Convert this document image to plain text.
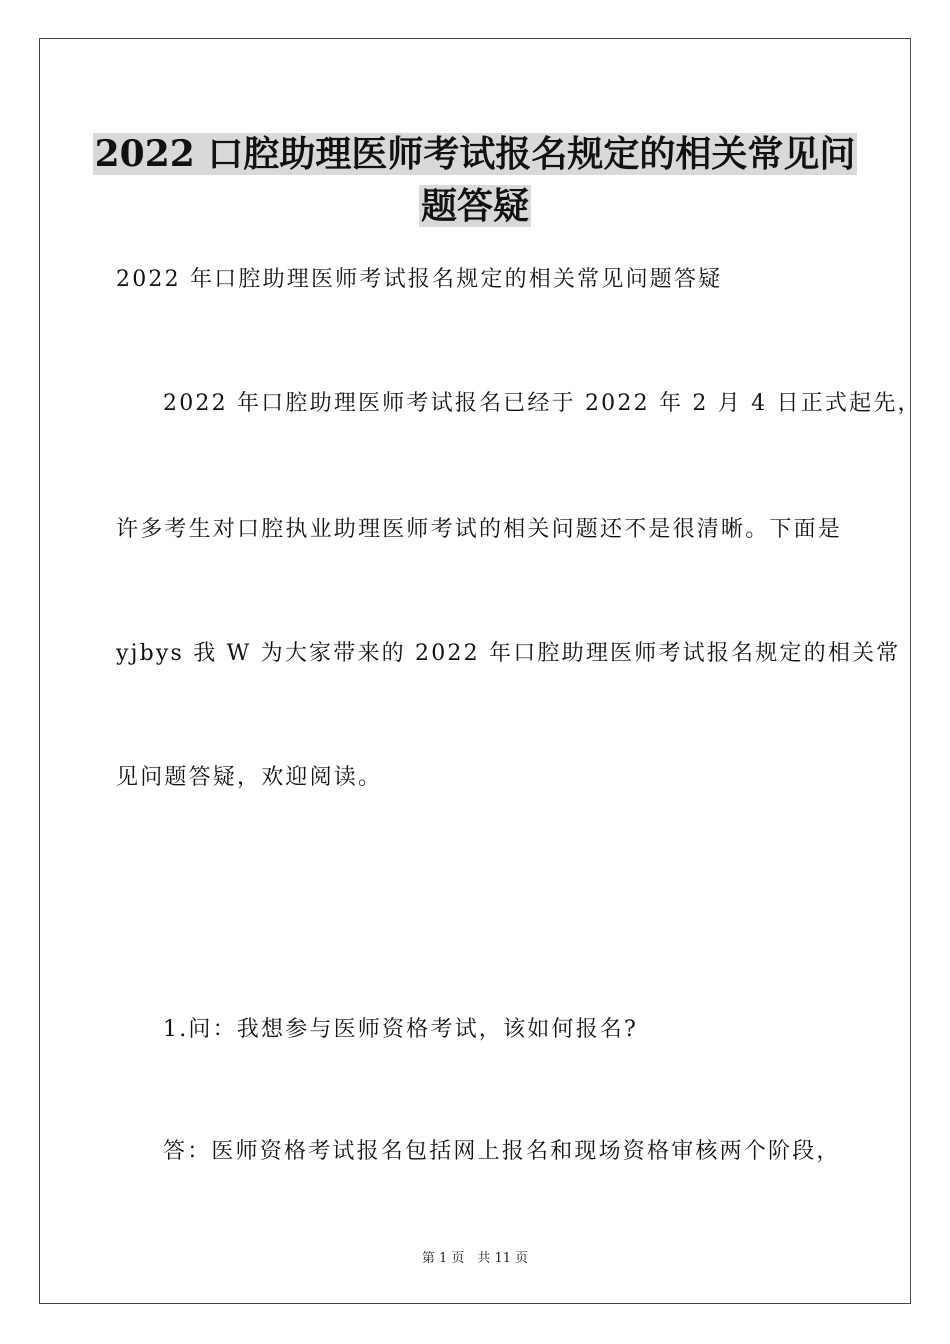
2022 口腔助理医师考试报名规定的相关常见问
题答疑
2022 年口腔助理医师考试报名规定的相关常见问题答疑
2022 年口腔助理医师考试报名已经于 2022 年 2 月 4 日正式起先，
许多考生对口腔执业助理医师考试的相关问题还不是很清晰。下面是
yjbys 我 W 为大家带来的 2022 年口腔助理医师考试报名规定的相关常
见问题答疑，欢迎阅读。
1.问：我想参与医师资格考试，该如何报名?
答：医师资格考试报名包括网上报名和现场资格审核两个阶段，
第 1 页　共 11 页
